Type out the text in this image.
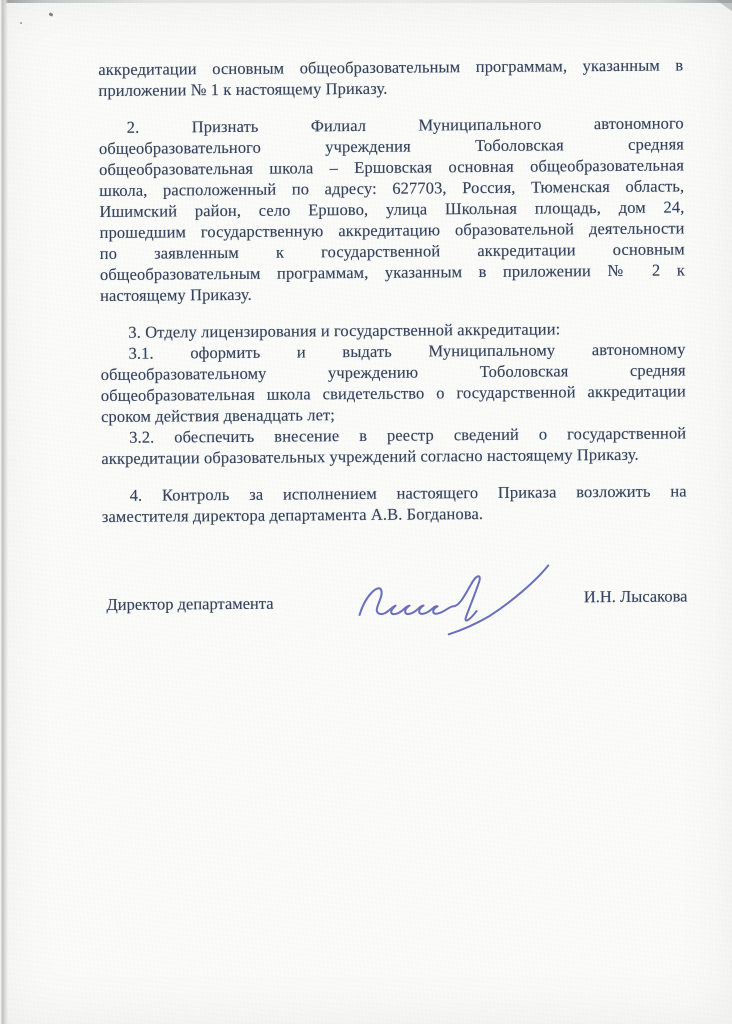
аккредитации основным общеобразовательным программам, указанным в
приложении № 1 к настоящему Приказу.
2. Признать Филиал Муниципального автономного
общеобразовательного учреждения Тоболовская средняя
общеобразовательная школа – Ершовская основная общеобразовательная
школа, расположенный по адресу: 627703, Россия, Тюменская область,
Ишимский район, село Ершово, улица Школьная площадь, дом 24,
прошедшим государственную аккредитацию образовательной деятельности
по заявленным к государственной аккредитации основным
общеобразовательным программам, указанным в приложении № 2 к
настоящему Приказу.
3. Отделу лицензирования и государственной аккредитации:
3.1. оформить и выдать Муниципальному автономному
общеобразовательному учреждению Тоболовская средняя
общеобразовательная школа свидетельство о государственной аккредитации
сроком действия двенадцать лет;
3.2. обеспечить внесение в реестр сведений о государственной
аккредитации образовательных учреждений согласно настоящему Приказу.
4. Контроль за исполнением настоящего Приказа возложить на
заместителя директора департамента А.В. Богданова.
Директор департамента	И.Н. Лысакова
